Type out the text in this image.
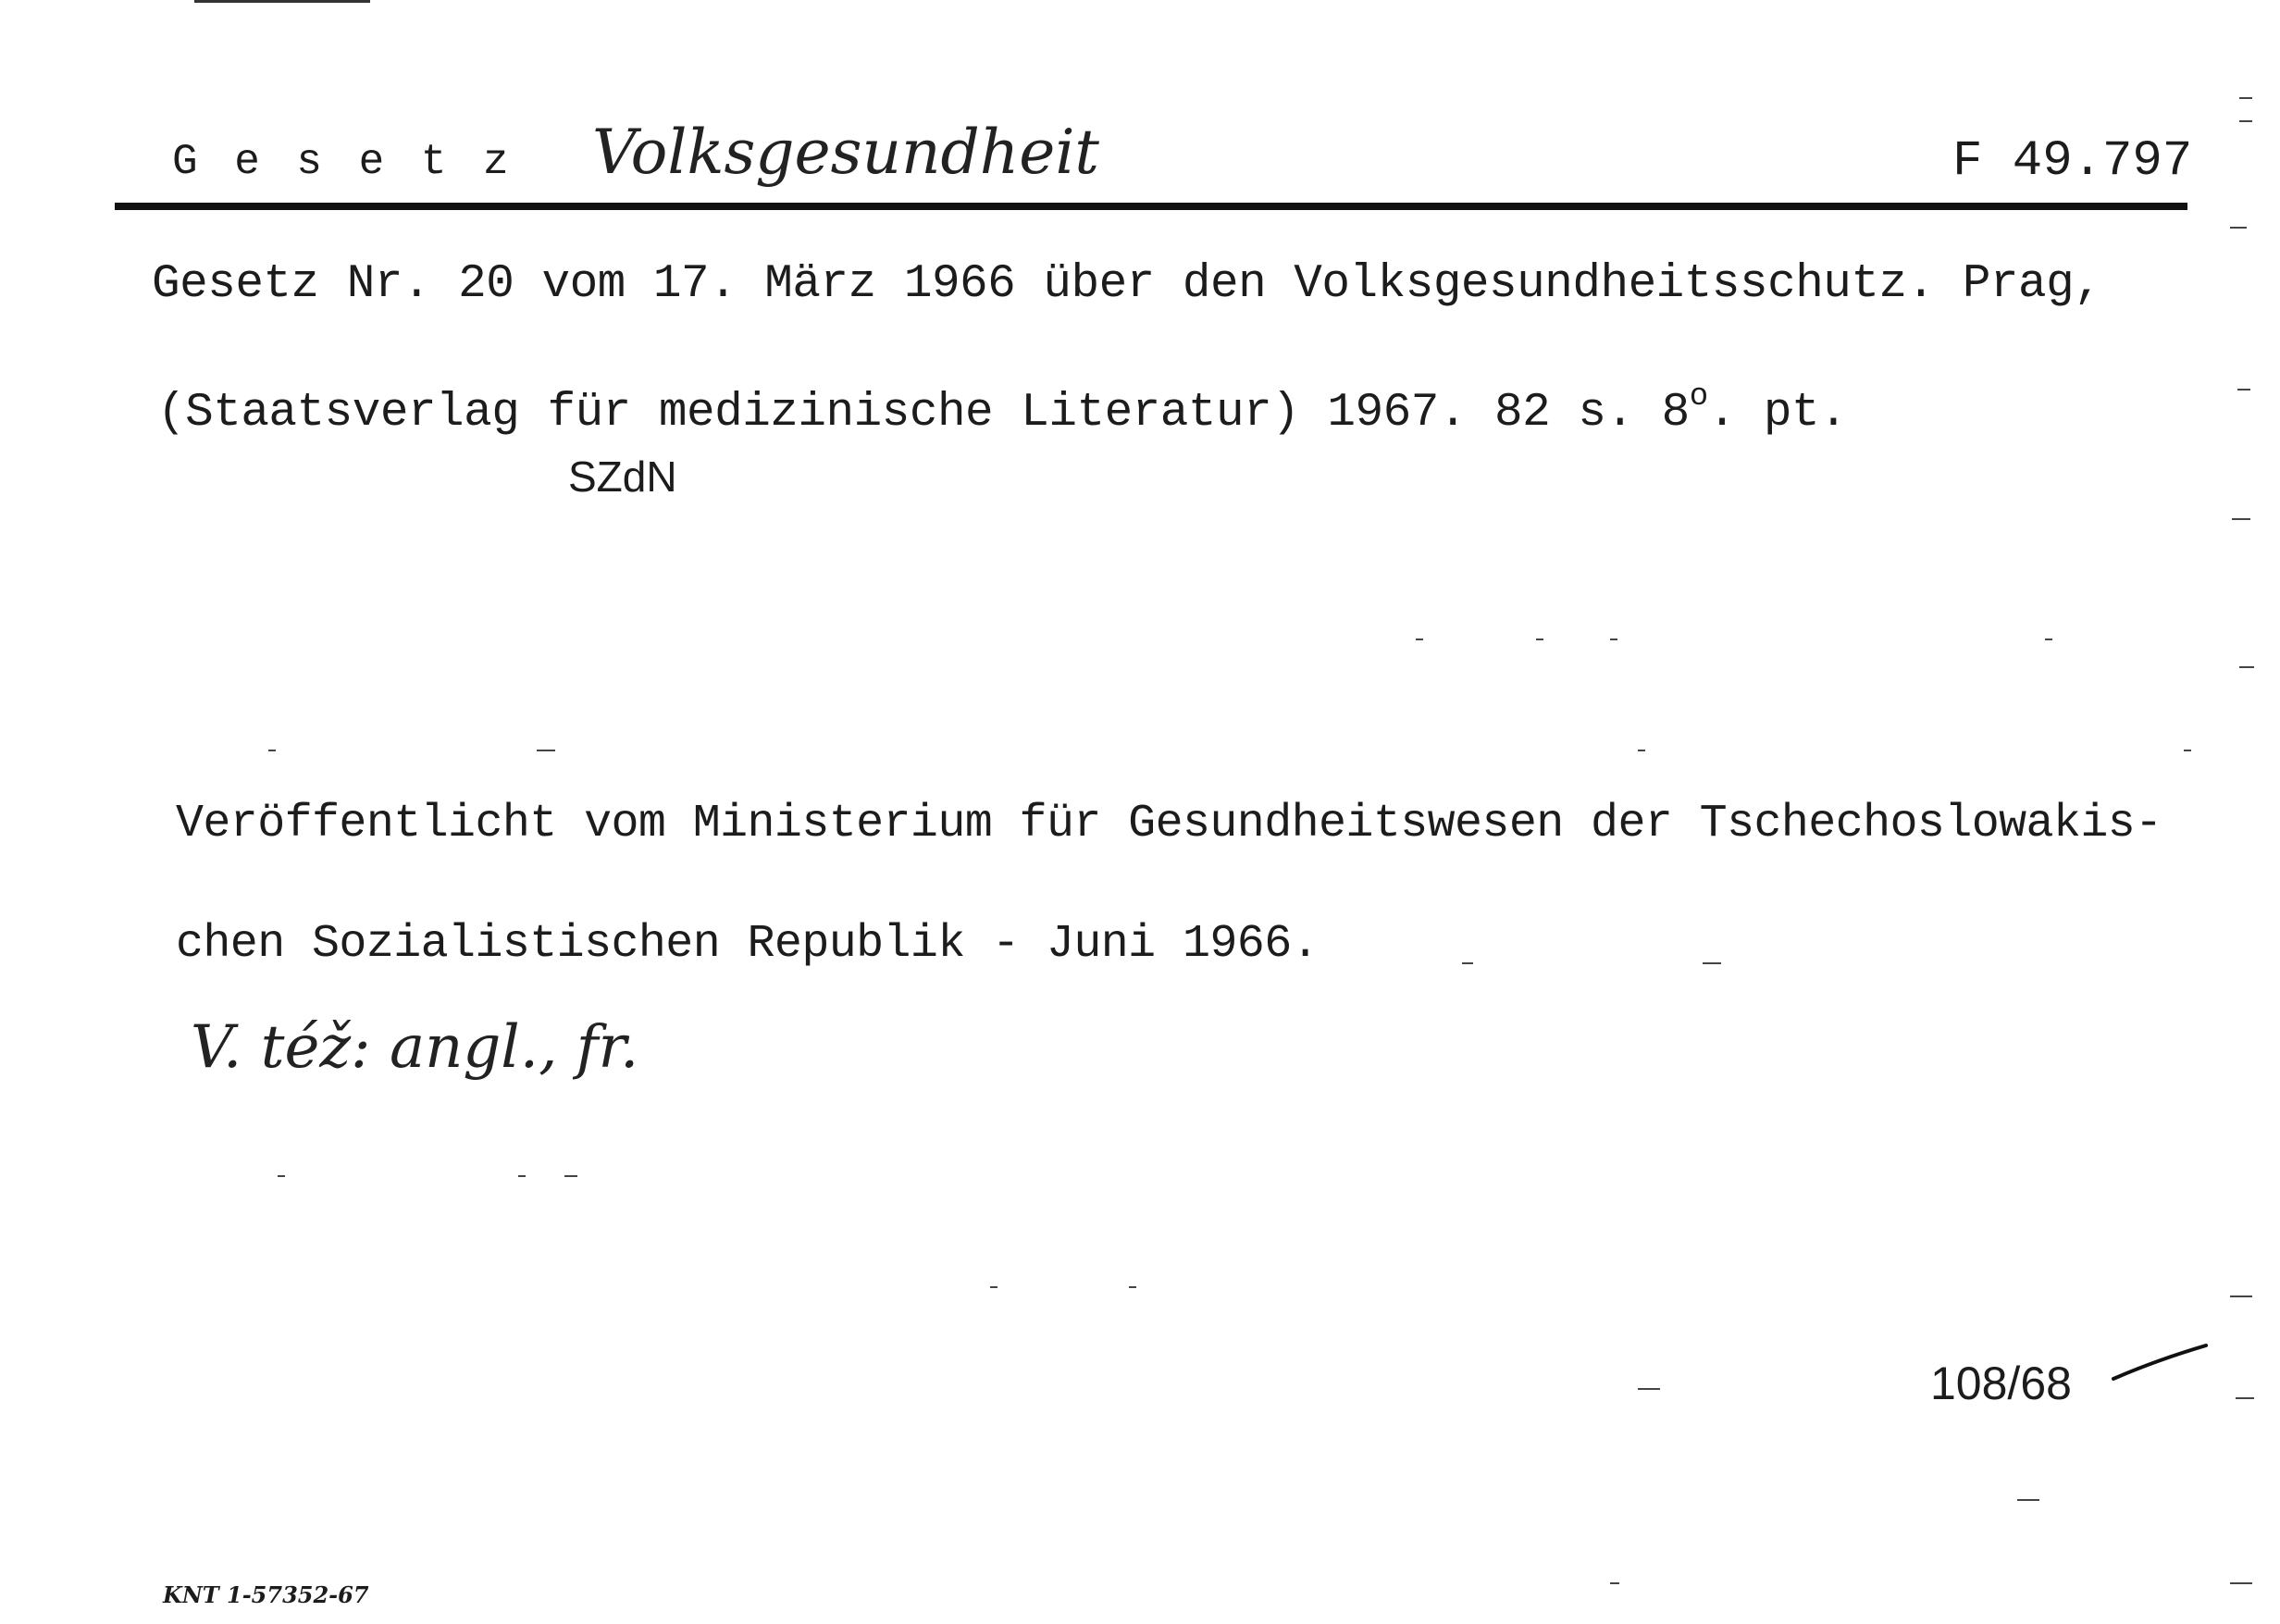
G e s e t z Volksgesundheit	F 49.797
Gesetz Nr. 20 vom 17. März 1966 über den Volksgesundheitsschutz. Prag,
(Staatsverlag für medizinische Literatur) 1967. 82 s. 8$^o$. pt.
SZdN
Veröffentlicht vom Ministerium für Gesundheitswesen der Tschechoslowakis-
chen Sozialistischen Republik - Juni 1966.
V. též: angl., fr.
108/68
KNT 1-57352-67
